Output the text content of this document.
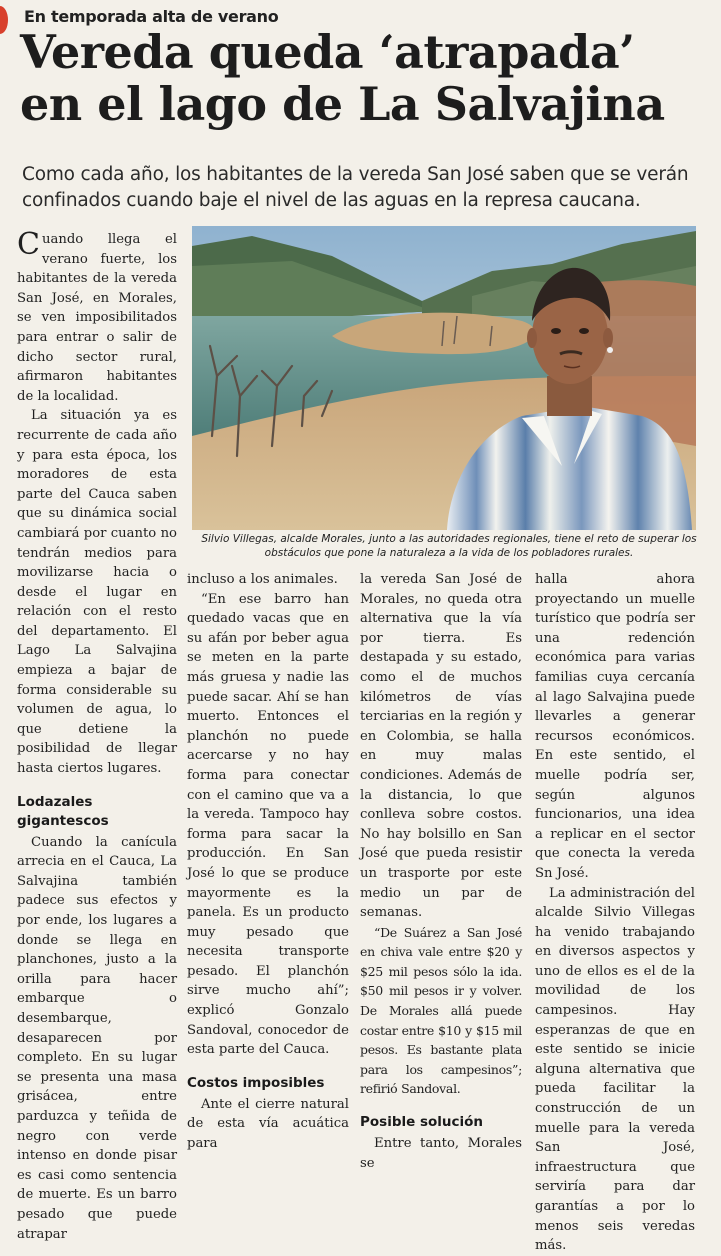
En temporada alta de verano
Vereda queda ‘atrapada’
en el lago de La Salvajina
Como cada año, los habitantes de la vereda San José saben que se verán confinados cuando baje el nivel de las aguas en la represa caucana.
Silvio Villegas, alcalde Morales, junto a las autoridades regionales, tiene el reto de superar los obstáculos que pone la naturaleza a la vida de los pobladores rurales.

Cuando llega el verano fuerte, los habitantes de la vereda San José, en Morales, se ven imposibilitados para entrar o salir de dicho sector rural, afirmaron habitantes de la localidad.

La situación ya es recurrente de cada año y para esta época, los moradores de esta parte del Cauca saben que su dinámica social cambiará por cuanto no tendrán medios para movilizarse hacia o desde el lugar en relación con el resto del departamento. El Lago La Salvajina empieza a bajar de forma considerable su volumen de agua, lo que detiene la posibilidad de llegar hasta ciertos lugares.

Lodazales gigantescos

Cuando la canícula arrecia en el Cauca, La Salvajina también padece sus efectos y por ende, los lugares a donde se llega en planchones, justo a la orilla para hacer embarque o desembarque, desaparecen por completo. En su lugar se presenta una masa grisácea, entre parduzca y teñida de negro con verde intenso en donde pisar es casi como sentencia de muerte. Es un barro pesado que puede atrapar

incluso a los animales.

“En ese barro han quedado vacas que en su afán por beber agua se meten en la parte más gruesa y nadie las puede sacar. Ahí se han muerto. Entonces el planchón no puede acercarse y no hay forma para conectar con el camino que va a la vereda. Tampoco hay forma para sacar la producción. En San José lo que se produce mayormente es la panela. Es un producto muy pesado que necesita transporte pesado. El planchón sirve mucho ahí”; explicó Gonzalo Sandoval, conocedor de esta parte del Cauca.

Costos imposibles

Ante el cierre natural de esta vía acuática para

la vereda San José de Morales, no queda otra alternativa que la vía por tierra. Es destapada y su estado, como el de muchos kilómetros de vías terciarias en la región y en Colombia, se halla en muy malas condiciones. Además de la distancia, lo que conlleva sobre costos. No hay bolsillo en San José que pueda resistir un trasporte por este medio un par de semanas.

“De Suárez a San José en chiva vale entre $20 y $25 mil pesos sólo la ida. $50 mil pesos ir y volver. De Morales allá puede costar entre $10 y $15 mil pesos. Es bastante plata para los campesinos”; refirió Sandoval.

Posible solución

Entre tanto, Morales se

halla ahora proyectando un muelle turístico que podría ser una redención económica para varias familias cuya cercanía al lago Salvajina puede llevarles a generar recursos económicos. En este sentido, el muelle podría ser, según algunos funcionarios, una idea a replicar en el sector que conecta la vereda Sn José.

La administración del alcalde Silvio Villegas ha venido trabajando en diversos aspectos y uno de ellos es el de la movilidad de los campesinos. Hay esperanzas de que en este sentido se inicie alguna alternativa que pueda facilitar la construcción de un muelle para la vereda San José, infraestructura que serviría para dar garantías a por lo menos seis veredas más.
